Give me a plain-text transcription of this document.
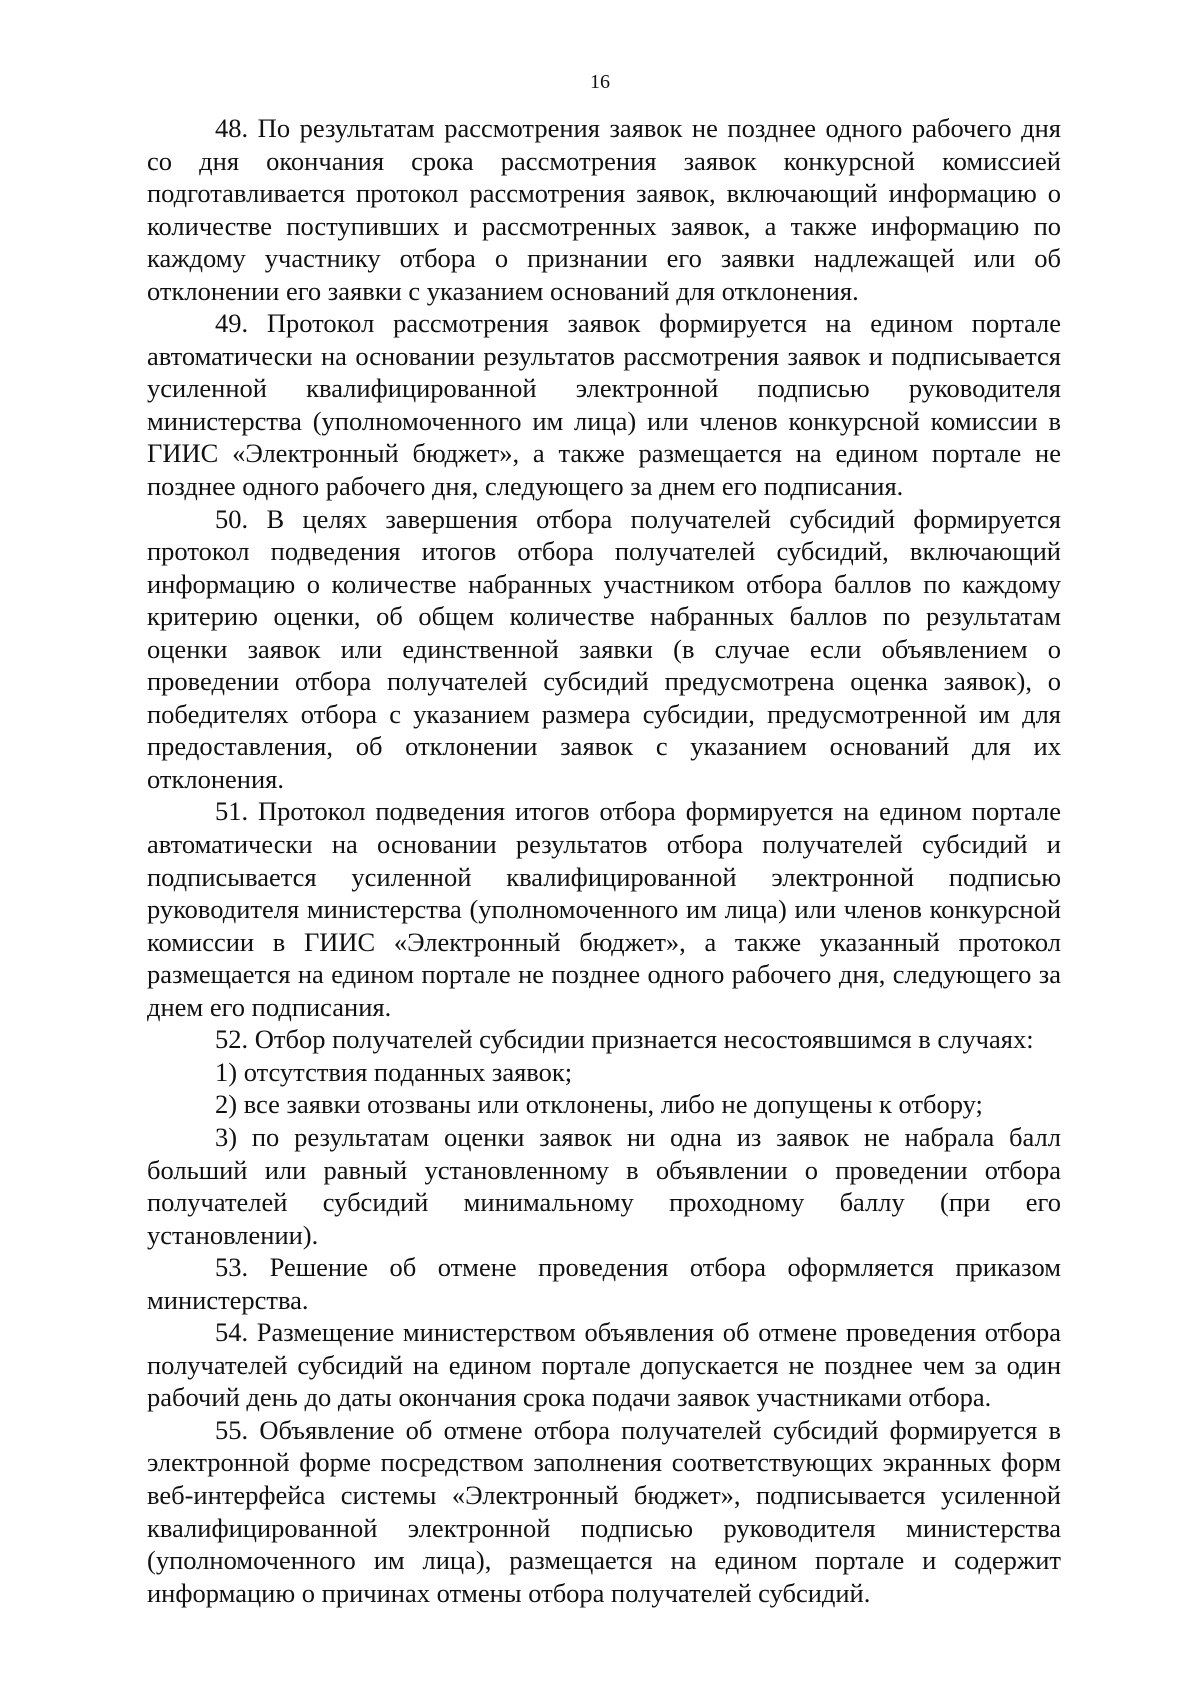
16

48. По результатам рассмотрения заявок не позднее одного рабочего дня со дня окончания срока рассмотрения заявок конкурсной комиссией подготавливается протокол рассмотрения заявок, включающий информацию о количестве поступивших и рассмотренных заявок, а также информацию по каждому участнику отбора о признании его заявки надлежащей или об отклонении его заявки с указанием оснований для отклонения.

49. Протокол рассмотрения заявок формируется на едином портале автоматически на основании результатов рассмотрения заявок и подписывается усиленной квалифицированной электронной подписью руководителя министерства (уполномоченного им лица) или членов конкурсной комиссии в ГИИС «Электронный бюджет», а также размещается на едином портале не позднее одного рабочего дня, следующего за днем его подписания.

50. В целях завершения отбора получателей субсидий формируется протокол подведения итогов отбора получателей субсидий, включающий информацию о количестве набранных участником отбора баллов по каждому критерию оценки, об общем количестве набранных баллов по результатам оценки заявок или единственной заявки (в случае если объявлением о проведении отбора получателей субсидий предусмотрена оценка заявок), о победителях отбора с указанием размера субсидии, предусмотренной им для предоставления, об отклонении заявок с указанием оснований для их отклонения.

51. Протокол подведения итогов отбора формируется на едином портале автоматически на основании результатов отбора получателей субсидий и подписывается усиленной квалифицированной электронной подписью руководителя министерства (уполномоченного им лица) или членов конкурсной комиссии в ГИИС «Электронный бюджет», а также указанный протокол размещается на едином портале не позднее одного рабочего дня, следующего за днем его подписания.

52. Отбор получателей субсидии признается несостоявшимся в случаях:

1) отсутствия поданных заявок;

2) все заявки отозваны или отклонены, либо не допущены к отбору;

3) по результатам оценки заявок ни одна из заявок не набрала балл больший или равный установленному в объявлении о проведении отбора получателей субсидий минимальному проходному баллу (при его установлении).

53. Решение об отмене проведения отбора оформляется приказом министерства.

54. Размещение министерством объявления об отмене проведения отбора получателей субсидий на едином портале допускается не позднее чем за один рабочий день до даты окончания срока подачи заявок участниками отбора.

55. Объявление об отмене отбора получателей субсидий формируется в электронной форме посредством заполнения соответствующих экранных форм веб-интерфейса системы «Электронный бюджет», подписывается усиленной квалифицированной электронной подписью руководителя министерства (уполномоченного им лица), размещается на едином портале и содержит информацию о причинах отмены отбора получателей субсидий.
